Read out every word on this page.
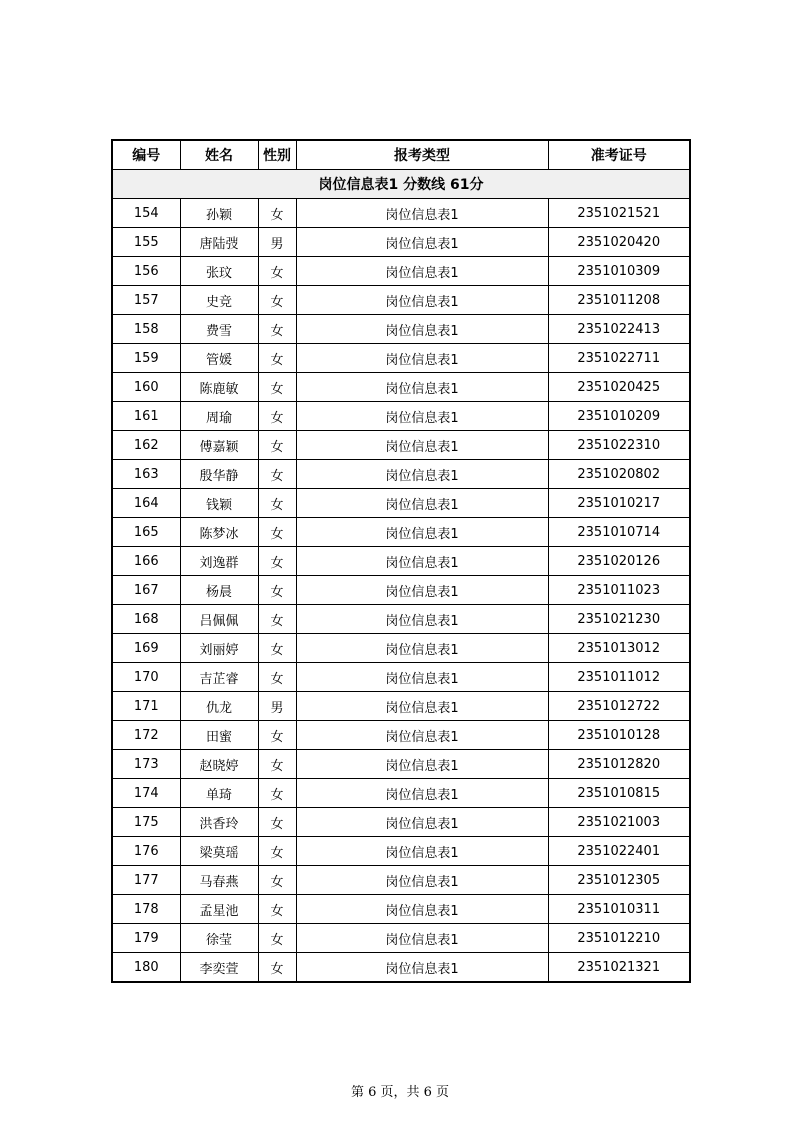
编号	姓名	性别	报考类型	准考证号
岗位信息表1 分数线 61分				
154	孙颖	女	岗位信息表1	2351021521
155	唐陆弢	男	岗位信息表1	2351020420
156	张玟	女	岗位信息表1	2351010309
157	史竞	女	岗位信息表1	2351011208
158	费雪	女	岗位信息表1	2351022413
159	管媛	女	岗位信息表1	2351022711
160	陈鹿敏	女	岗位信息表1	2351020425
161	周瑜	女	岗位信息表1	2351010209
162	傅嘉颖	女	岗位信息表1	2351022310
163	殷华静	女	岗位信息表1	2351020802
164	钱颖	女	岗位信息表1	2351010217
165	陈梦冰	女	岗位信息表1	2351010714
166	刘逸群	女	岗位信息表1	2351020126
167	杨晨	女	岗位信息表1	2351011023
168	吕佩佩	女	岗位信息表1	2351021230
169	刘丽婷	女	岗位信息表1	2351013012
170	吉芷睿	女	岗位信息表1	2351011012
171	仇龙	男	岗位信息表1	2351012722
172	田蜜	女	岗位信息表1	2351010128
173	赵晓婷	女	岗位信息表1	2351012820
174	单琦	女	岗位信息表1	2351010815
175	洪香玲	女	岗位信息表1	2351021003
176	梁莫瑶	女	岗位信息表1	2351022401
177	马春燕	女	岗位信息表1	2351012305
178	孟星池	女	岗位信息表1	2351010311
179	徐莹	女	岗位信息表1	2351012210
180	李奕萱	女	岗位信息表1	2351021321
第 6 页，共 6 页
